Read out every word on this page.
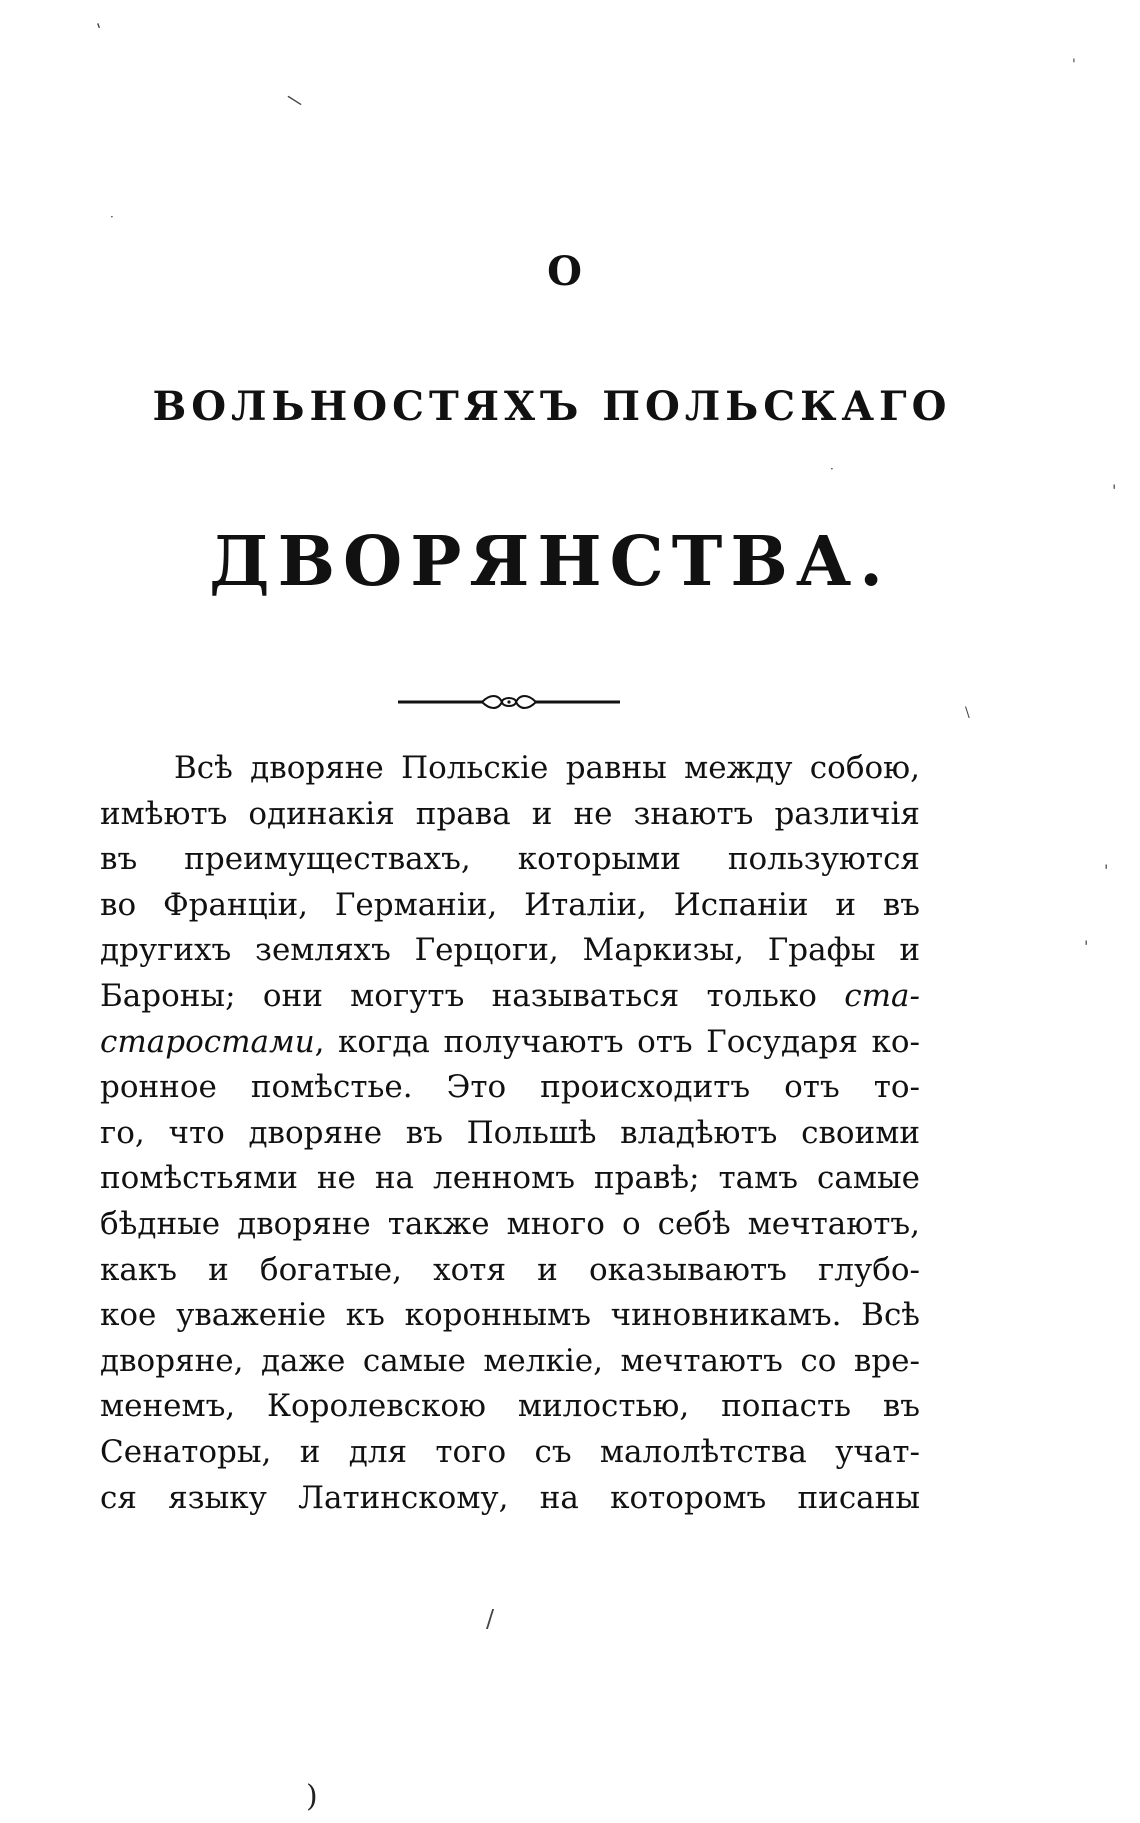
'
\
·
'
'
·
\
'
'
/
)
О
ВОЛЬНОСТЯХЪ ПОЛЬСКАГО
ДВОРЯНСТВА.
Всѣ дворяне Польскіе равны между собою,
имѣютъ одинакія права и не знаютъ различія
въ преимуществахъ, которыми пользуются
во Франціи, Германіи, Италіи, Испаніи и въ
другихъ земляхъ Герцоги, Маркизы, Графы и
Бароны; они могутъ называться только ста-
старостами, когда получаютъ отъ Государя ко-
ронное помѣстье. Это происходитъ отъ то-
го, что дворяне въ Польшѣ владѣютъ своими
помѣстьями не на ленномъ правѣ; тамъ самые
бѣдные дворяне также много о себѣ мечтаютъ,
какъ и богатые, хотя и оказываютъ глубо-
кое уваженіе къ короннымъ чиновникамъ. Всѣ
дворяне, даже самые мелкіе, мечтаютъ со вре-
менемъ, Королевскою милостью, попасть въ
Сенаторы, и для того съ малолѣтства учат-
ся языку Латинскому, на которомъ писаны
